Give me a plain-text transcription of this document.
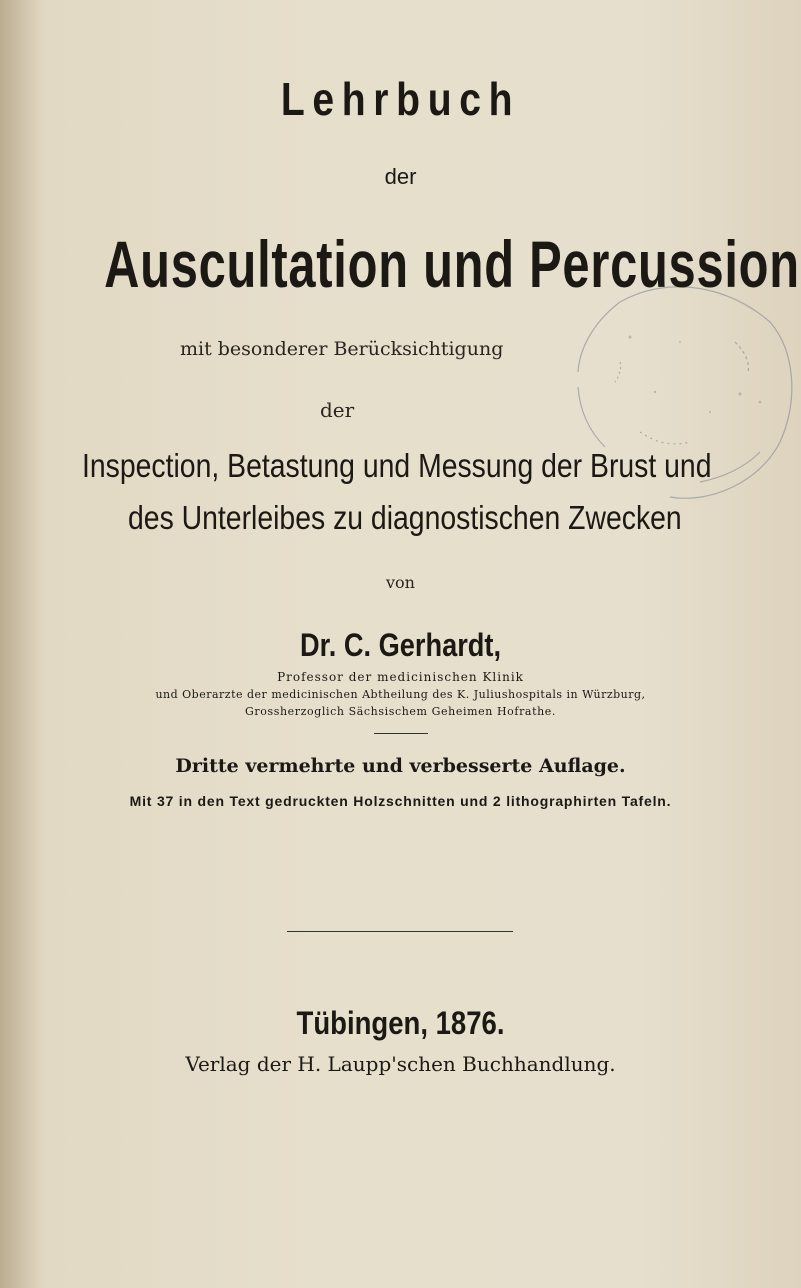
Lehrbuch
der
Auscultation und Percussion
mit besonderer Berücksichtigung
der
Inspection, Betastung und Messung der Brust und
des Unterleibes zu diagnostischen Zwecken
von
Dr. C. Gerhardt,
Professor der medicinischen Klinik
und Oberarzte der medicinischen Abtheilung des K. Juliushospitals in Würzburg,
Grossherzoglich Sächsischem Geheimen Hofrathe.
Dritte vermehrte und verbesserte Auflage.
Mit 37 in den Text gedruckten Holzschnitten und 2 lithographirten Tafeln.
Tübingen, 1876.
Verlag der H. Laupp'schen Buchhandlung.
